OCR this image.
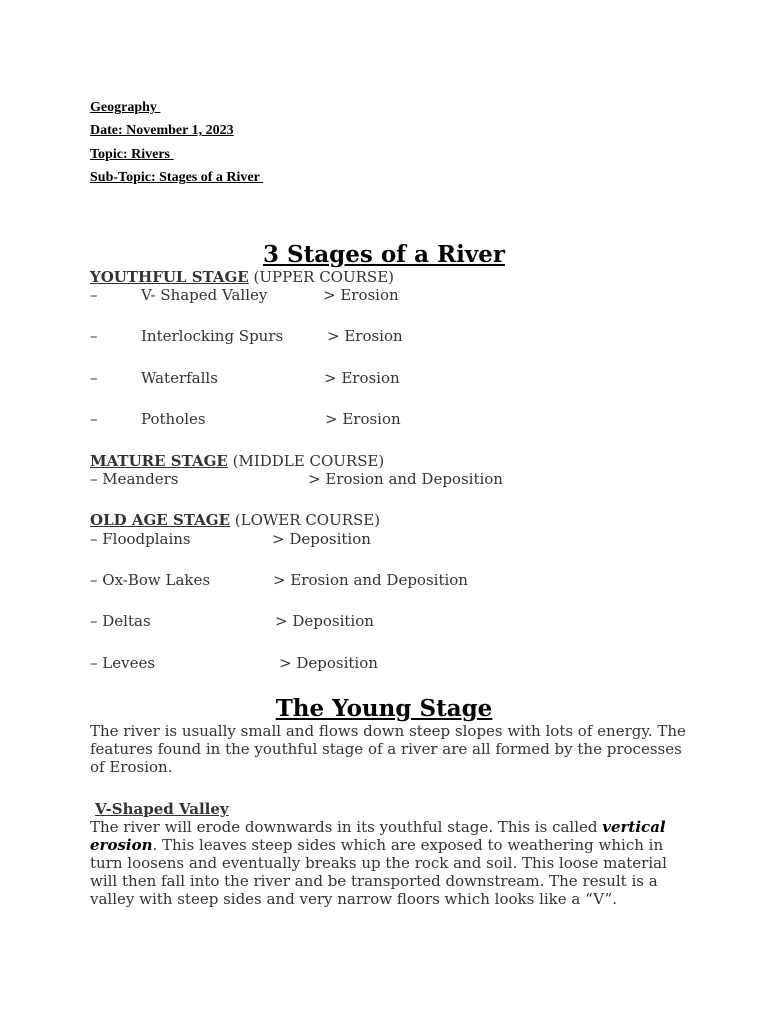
Geography
Date: November 1, 2023
Topic: Rivers
Sub-Topic: Stages of a River
3 Stages of a River
YOUTHFUL STAGE (UPPER COURSE)
–	V- Shaped Valley	> Erosion
–	Interlocking Spurs	> Erosion
–	Waterfalls	> Erosion
–	Potholes	> Erosion
MATURE STAGE (MIDDLE COURSE)
– Meanders	> Erosion and Deposition
OLD AGE STAGE (LOWER COURSE)
– Floodplains	> Deposition
– Ox-Bow Lakes	> Erosion and Deposition
– Deltas	> Deposition
– Levees	> Deposition
The Young Stage
The river is usually small and flows down steep slopes with lots of energy. The features found in the youthful stage of a river are all formed by the processes of Erosion.
V-Shaped Valley
The river will erode downwards in its youthful stage. This is called vertical erosion. This leaves steep sides which are exposed to weathering which in turn loosens and eventually breaks up the rock and soil. This loose material will then fall into the river and be transported downstream. The result is a valley with steep sides and very narrow floors which looks like a “V”.
